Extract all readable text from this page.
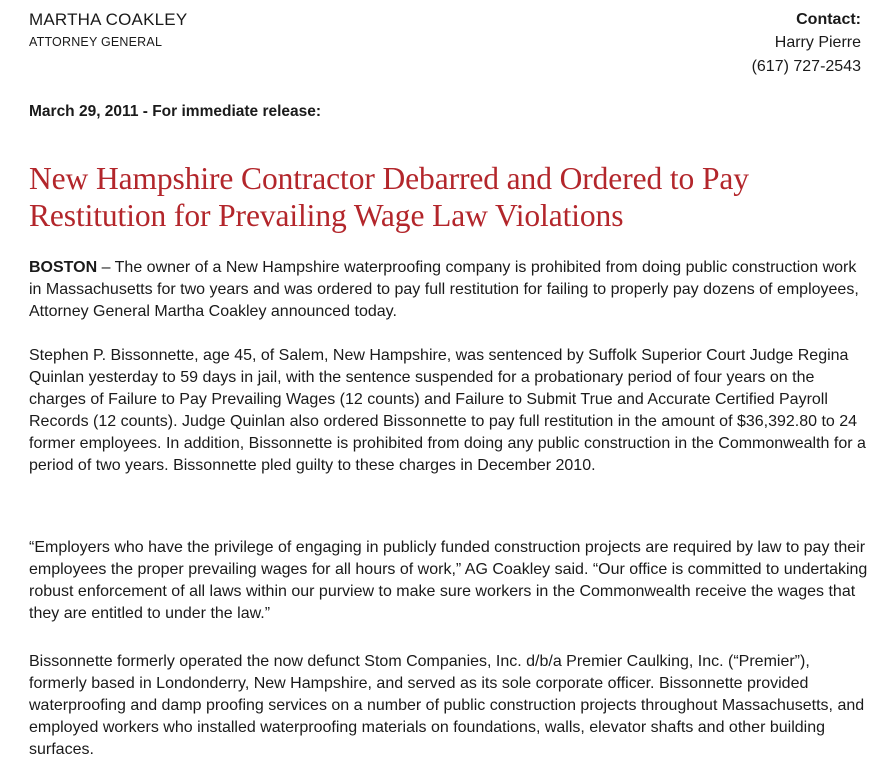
MARTHA COAKLEY
ATTORNEY GENERAL
Contact:
Harry Pierre
(617) 727-2543
March 29, 2011 - For immediate release:
New Hampshire Contractor Debarred and Ordered to Pay Restitution for Prevailing Wage Law Violations

BOSTON – The owner of a New Hampshire waterproofing company is prohibited from doing public construction work in Massachusetts for two years and was ordered to pay full restitution for failing to properly pay dozens of employees, Attorney General Martha Coakley announced today.

Stephen P. Bissonnette, age 45, of Salem, New Hampshire, was sentenced by Suffolk Superior Court Judge Regina Quinlan yesterday to 59 days in jail, with the sentence suspended for a probationary period of four years on the charges of Failure to Pay Prevailing Wages (12 counts) and Failure to Submit True and Accurate Certified Payroll Records (12 counts). Judge Quinlan also ordered Bissonnette to pay full restitution in the amount of $36,392.80 to 24 former employees. In addition, Bissonnette is prohibited from doing any public construction in the Commonwealth for a period of two years. Bissonnette pled guilty to these charges in December 2010.

“Employers who have the privilege of engaging in publicly funded construction projects are required by law to pay their employees the proper prevailing wages for all hours of work,” AG Coakley said. “Our office is committed to undertaking robust enforcement of all laws within our purview to make sure workers in the Commonwealth receive the wages that they are entitled to under the law.”

Bissonnette formerly operated the now defunct Stom Companies, Inc. d/b/a Premier Caulking, Inc. (“Premier”), formerly based in Londonderry, New Hampshire, and served as its sole corporate officer. Bissonnette provided waterproofing and damp proofing services on a number of public construction projects throughout Massachusetts, and employed workers who installed waterproofing materials on foundations, walls, elevator shafts and other building surfaces.
